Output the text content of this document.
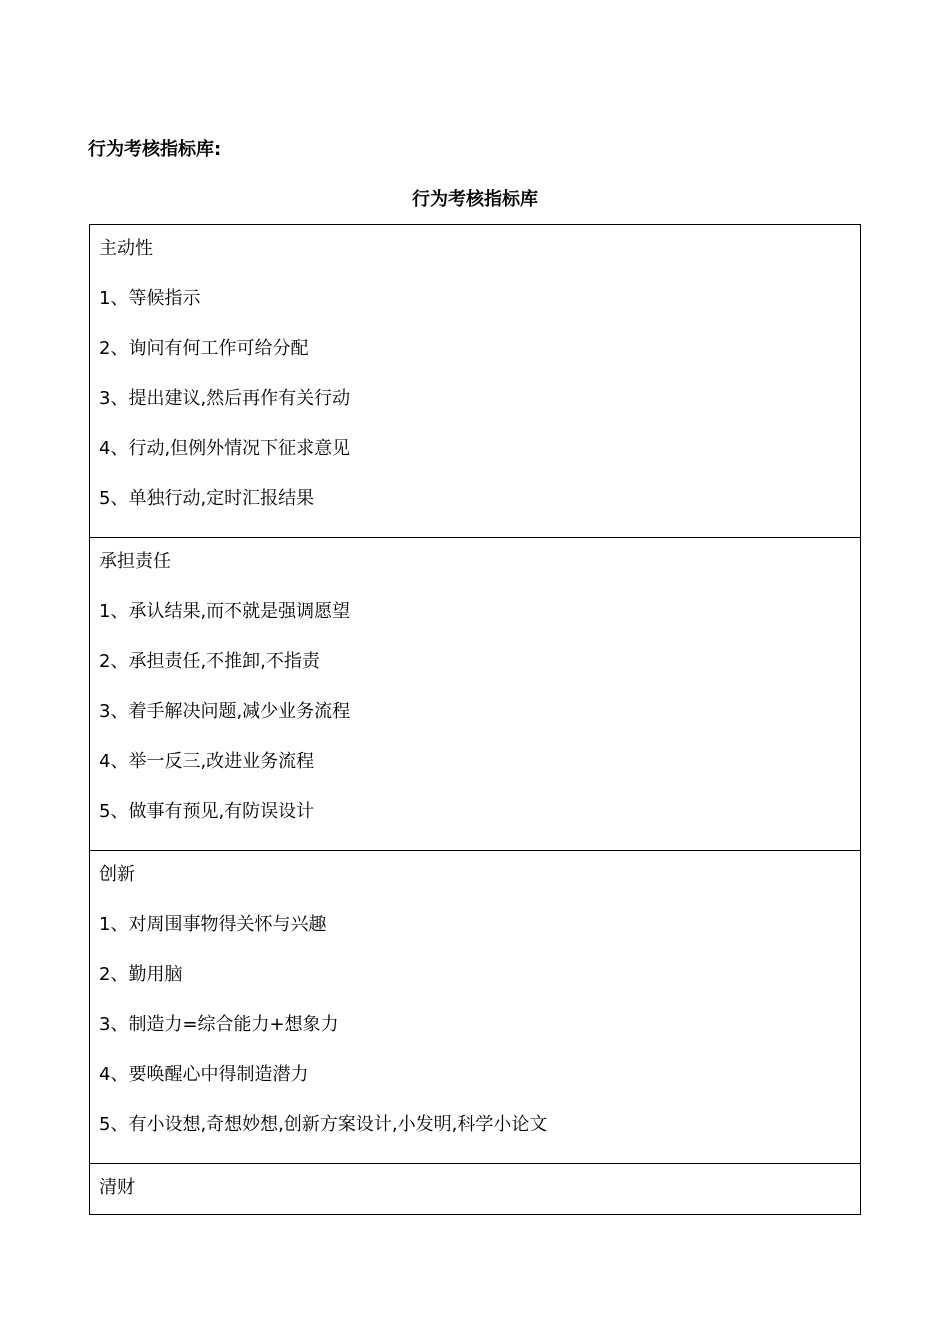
行为考核指标库:
行为考核指标库
主动性
1、等候指示
2、询问有何工作可给分配
3、提出建议,然后再作有关行动
4、行动,但例外情况下征求意见
5、单独行动,定时汇报结果
承担责任
1、承认结果,而不就是强调愿望
2、承担责任,不推卸,不指责
3、着手解决问题,减少业务流程
4、举一反三,改进业务流程
5、做事有预见,有防误设计
创新
1、对周围事物得关怀与兴趣
2、勤用脑
3、制造力=综合能力+想象力
4、要唤醒心中得制造潜力
5、有小设想,奇想妙想,创新方案设计,小发明,科学小论文
清财
